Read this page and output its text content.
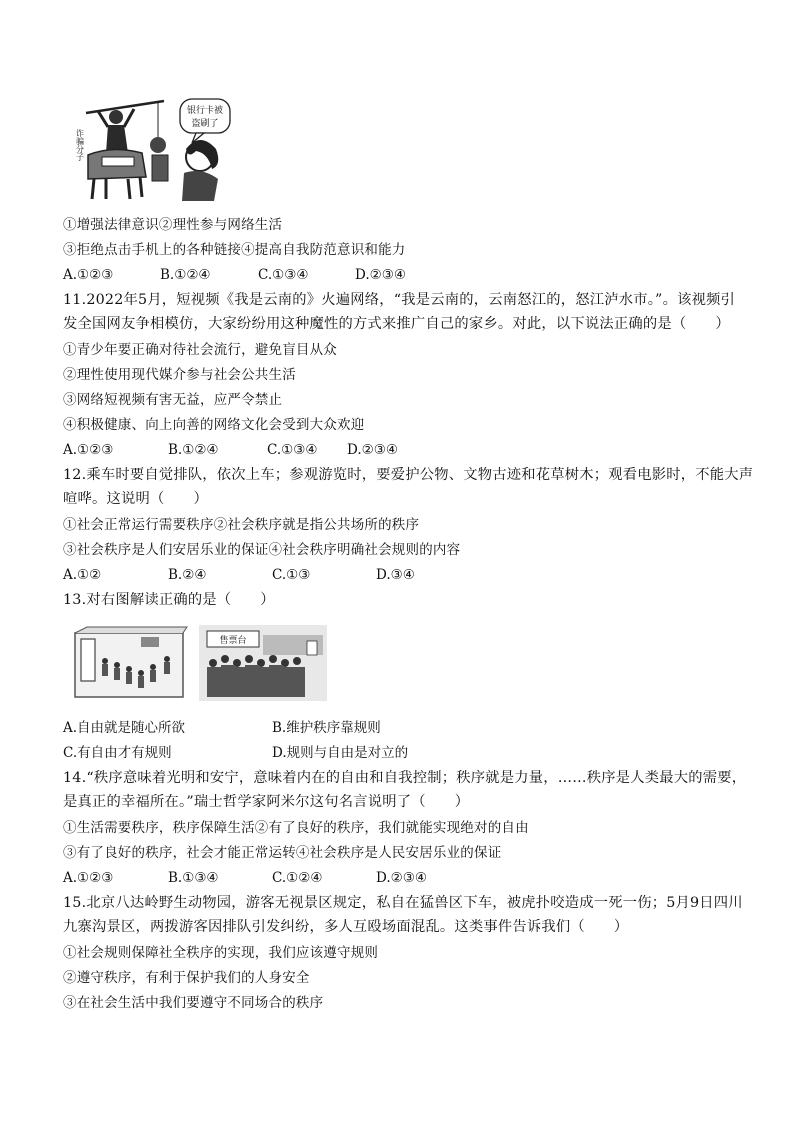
银行卡被
盗刷了
诈骗分子
①增强法律意识②理性参与网络生活
③拒绝点击手机上的各种链接④提高自我防范意识和能力
A.①②③	B.①②④	C.①③④	D.②③④
11.2022年5月，短视频《我是云南的》火遍网络，“我是云南的，云南怒江的，怒江泸水市。”。该视频引
发全国网友争相模仿，大家纷纷用这种魔性的方式来推广自己的家乡。对此，以下说法正确的是（　　）
①青少年要正确对待社会流行，避免盲目从众
②理性使用现代媒介参与社会公共生活
③网络短视频有害无益，应严令禁止
④积极健康、向上向善的网络文化会受到大众欢迎
A.①②③	B.①②④	C.①③④ D.②③④
12.乘车时要自觉排队，依次上车；参观游览时，要爱护公物、文物古迹和花草树木；观看电影时，不能大声
喧哗。这说明（　　）
①社会正常运行需要秩序②社会秩序就是指公共场所的秩序
③社会秩序是人们安居乐业的保证④社会秩序明确社会规则的内容
A.①②	B.②④	C.①③	D.③④
13.对右图解读正确的是（　　）
售票台
A.自由就是随心所欲	B.维护秩序靠规则
C.有自由才有规则	D.规则与自由是对立的
14.“秩序意味着光明和安宁，意味着内在的自由和自我控制；秩序就是力量，……秩序是人类最大的需要，
是真正的幸福所在。”瑞士哲学家阿米尔这句名言说明了（　　）
①生活需要秩序，秩序保障生活②有了良好的秩序，我们就能实现绝对的自由
③有了良好的秩序，社会才能正常运转④社会秩序是人民安居乐业的保证
A.①②③	B.①③④	C.①②④	D.②③④
15.北京八达岭野生动物园，游客无视景区规定，私自在猛兽区下车，被虎扑咬造成一死一伤；5月9日四川
九寨沟景区，两拨游客因排队引发纠纷，多人互殴场面混乱。这类事件告诉我们（　　）
①社会规则保障社全秩序的实现，我们应该遵守规则
②遵守秩序，有利于保护我们的人身安全
③在社会生活中我们要遵守不同场合的秩序
